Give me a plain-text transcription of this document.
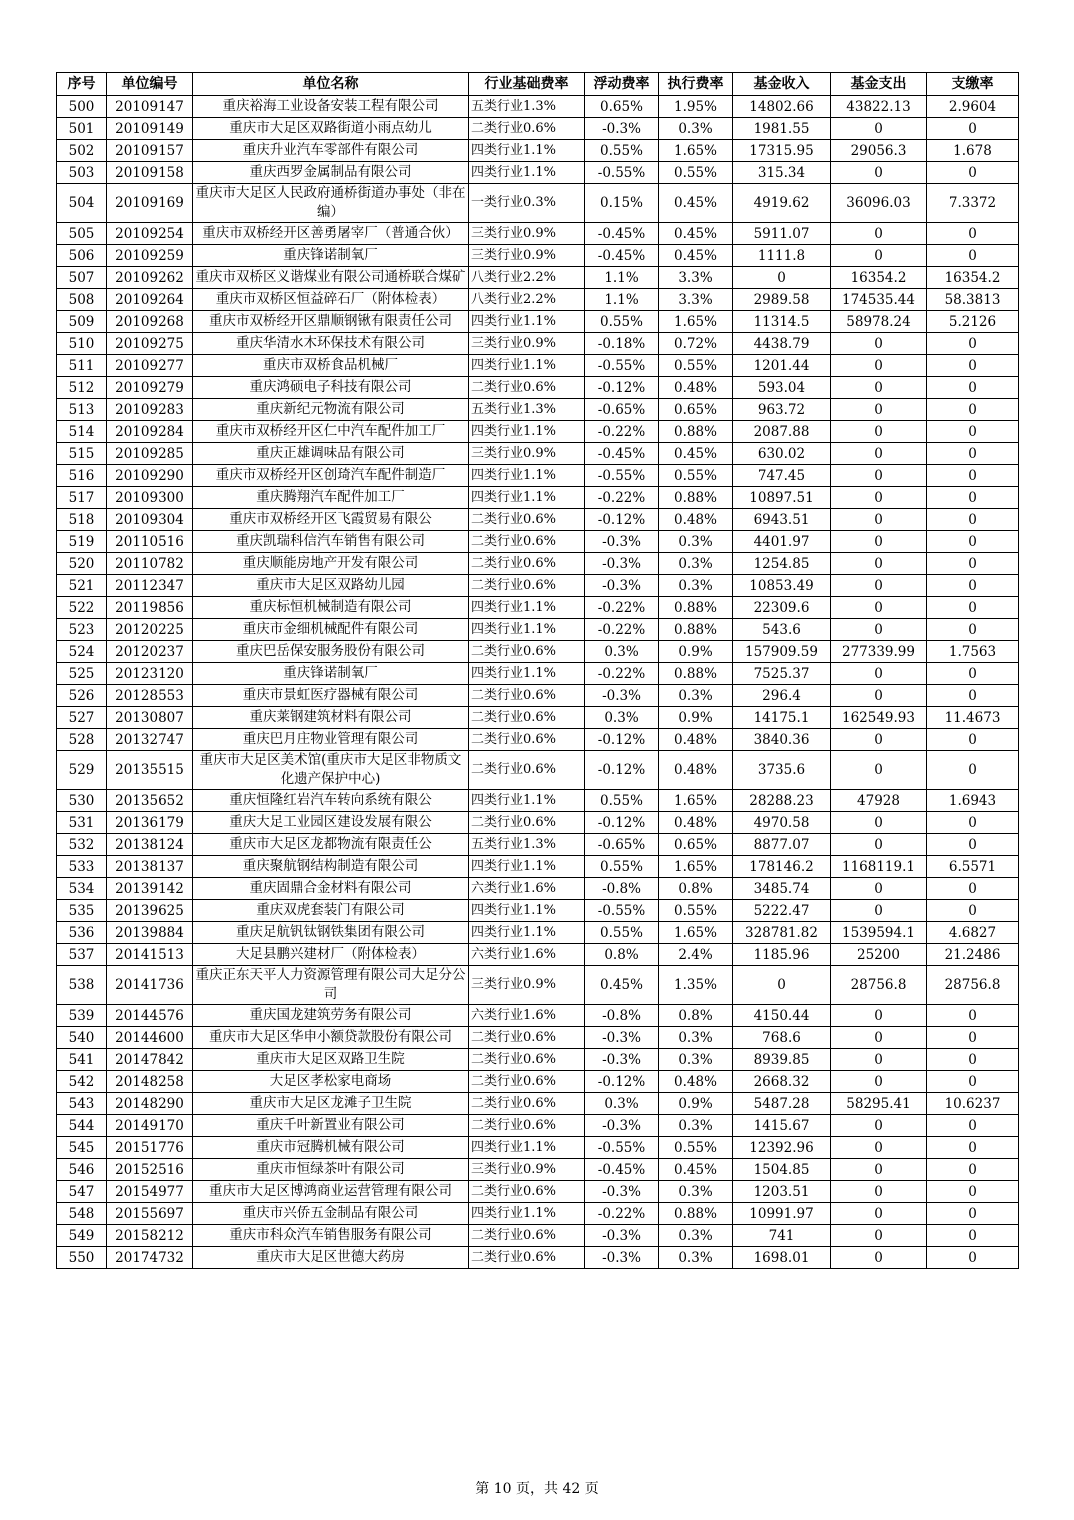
序号	单位编号	单位名称	行业基础费率	浮动费率	执行费率	基金收入	基金支出	支缴率
500	20109147	重庆裕海工业设备安装工程有限公司	五类行业1.3%	0.65%	1.95%	14802.66	43822.13	2.9604
501	20109149	重庆市大足区双路街道小雨点幼儿	二类行业0.6%	-0.3%	0.3%	1981.55	0	0
502	20109157	重庆升业汽车零部件有限公司	四类行业1.1%	0.55%	1.65%	17315.95	29056.3	1.678
503	20109158	重庆西罗金属制品有限公司	四类行业1.1%	-0.55%	0.55%	315.34	0	0
504	20109169	重庆市大足区人民政府通桥街道办事处（非在编）	一类行业0.3%	0.15%	0.45%	4919.62	36096.03	7.3372
505	20109254	重庆市双桥经开区善勇屠宰厂（普通合伙）	三类行业0.9%	-0.45%	0.45%	5911.07	0	0
506	20109259	重庆锋诺制氧厂	三类行业0.9%	-0.45%	0.45%	1111.8	0	0
507	20109262	重庆市双桥区义谐煤业有限公司通桥联合煤矿	八类行业2.2%	1.1%	3.3%	0	16354.2	16354.2
508	20109264	重庆市双桥区恒益碎石厂（附体检表）	八类行业2.2%	1.1%	3.3%	2989.58	174535.44	58.3813
509	20109268	重庆市双桥经开区鼎顺钢锹有限责任公司	四类行业1.1%	0.55%	1.65%	11314.5	58978.24	5.2126
510	20109275	重庆华清水木环保技术有限公司	三类行业0.9%	-0.18%	0.72%	4438.79	0	0
511	20109277	重庆市双桥食品机械厂	四类行业1.1%	-0.55%	0.55%	1201.44	0	0
512	20109279	重庆鸿硕电子科技有限公司	二类行业0.6%	-0.12%	0.48%	593.04	0	0
513	20109283	重庆新纪元物流有限公司	五类行业1.3%	-0.65%	0.65%	963.72	0	0
514	20109284	重庆市双桥经开区仁中汽车配件加工厂	四类行业1.1%	-0.22%	0.88%	2087.88	0	0
515	20109285	重庆正雄调味品有限公司	三类行业0.9%	-0.45%	0.45%	630.02	0	0
516	20109290	重庆市双桥经开区创琦汽车配件制造厂	四类行业1.1%	-0.55%	0.55%	747.45	0	0
517	20109300	重庆腾翔汽车配件加工厂	四类行业1.1%	-0.22%	0.88%	10897.51	0	0
518	20109304	重庆市双桥经开区飞霞贸易有限公	二类行业0.6%	-0.12%	0.48%	6943.51	0	0
519	20110516	重庆凯瑞科信汽车销售有限公司	二类行业0.6%	-0.3%	0.3%	4401.97	0	0
520	20110782	重庆顺能房地产开发有限公司	二类行业0.6%	-0.3%	0.3%	1254.85	0	0
521	20112347	重庆市大足区双路幼儿园	二类行业0.6%	-0.3%	0.3%	10853.49	0	0
522	20119856	重庆标恒机械制造有限公司	四类行业1.1%	-0.22%	0.88%	22309.6	0	0
523	20120225	重庆市金细机械配件有限公司	四类行业1.1%	-0.22%	0.88%	543.6	0	0
524	20120237	重庆巴岳保安服务股份有限公司	二类行业0.6%	0.3%	0.9%	157909.59	277339.99	1.7563
525	20123120	重庆锋诺制氧厂	四类行业1.1%	-0.22%	0.88%	7525.37	0	0
526	20128553	重庆市景虹医疗器械有限公司	二类行业0.6%	-0.3%	0.3%	296.4	0	0
527	20130807	重庆莱钢建筑材料有限公司	二类行业0.6%	0.3%	0.9%	14175.1	162549.93	11.4673
528	20132747	重庆巴月庄物业管理有限公司	二类行业0.6%	-0.12%	0.48%	3840.36	0	0
529	20135515	重庆市大足区美术馆(重庆市大足区非物质文化遗产保护中心)	二类行业0.6%	-0.12%	0.48%	3735.6	0	0
530	20135652	重庆恒隆红岩汽车转向系统有限公	四类行业1.1%	0.55%	1.65%	28288.23	47928	1.6943
531	20136179	重庆大足工业园区建设发展有限公	二类行业0.6%	-0.12%	0.48%	4970.58	0	0
532	20138124	重庆市大足区龙都物流有限责任公	五类行业1.3%	-0.65%	0.65%	8877.07	0	0
533	20138137	重庆聚航钢结构制造有限公司	四类行业1.1%	0.55%	1.65%	178146.2	1168119.1	6.5571
534	20139142	重庆固鼎合金材料有限公司	六类行业1.6%	-0.8%	0.8%	3485.74	0	0
535	20139625	重庆双虎套装门有限公司	四类行业1.1%	-0.55%	0.55%	5222.47	0	0
536	20139884	重庆足航钒钛钢铁集团有限公司	四类行业1.1%	0.55%	1.65%	328781.82	1539594.1	4.6827
537	20141513	大足县鹏兴建材厂（附体检表）	六类行业1.6%	0.8%	2.4%	1185.96	25200	21.2486
538	20141736	重庆正东天平人力资源管理有限公司大足分公司	三类行业0.9%	0.45%	1.35%	0	28756.8	28756.8
539	20144576	重庆国龙建筑劳务有限公司	六类行业1.6%	-0.8%	0.8%	4150.44	0	0
540	20144600	重庆市大足区华申小额贷款股份有限公司	二类行业0.6%	-0.3%	0.3%	768.6	0	0
541	20147842	重庆市大足区双路卫生院	二类行业0.6%	-0.3%	0.3%	8939.85	0	0
542	20148258	大足区孝松家电商场	二类行业0.6%	-0.12%	0.48%	2668.32	0	0
543	20148290	重庆市大足区龙滩子卫生院	二类行业0.6%	0.3%	0.9%	5487.28	58295.41	10.6237
544	20149170	重庆千叶新置业有限公司	二类行业0.6%	-0.3%	0.3%	1415.67	0	0
545	20151776	重庆市冠腾机械有限公司	四类行业1.1%	-0.55%	0.55%	12392.96	0	0
546	20152516	重庆市恒绿茶叶有限公司	三类行业0.9%	-0.45%	0.45%	1504.85	0	0
547	20154977	重庆市大足区博鸿商业运营管理有限公司	二类行业0.6%	-0.3%	0.3%	1203.51	0	0
548	20155697	重庆市兴侨五金制品有限公司	四类行业1.1%	-0.22%	0.88%	10991.97	0	0
549	20158212	重庆市科众汽车销售服务有限公司	二类行业0.6%	-0.3%	0.3%	741	0	0
550	20174732	重庆市大足区世德大药房	二类行业0.6%	-0.3%	0.3%	1698.01	0	0
第 10 页，共 42 页
